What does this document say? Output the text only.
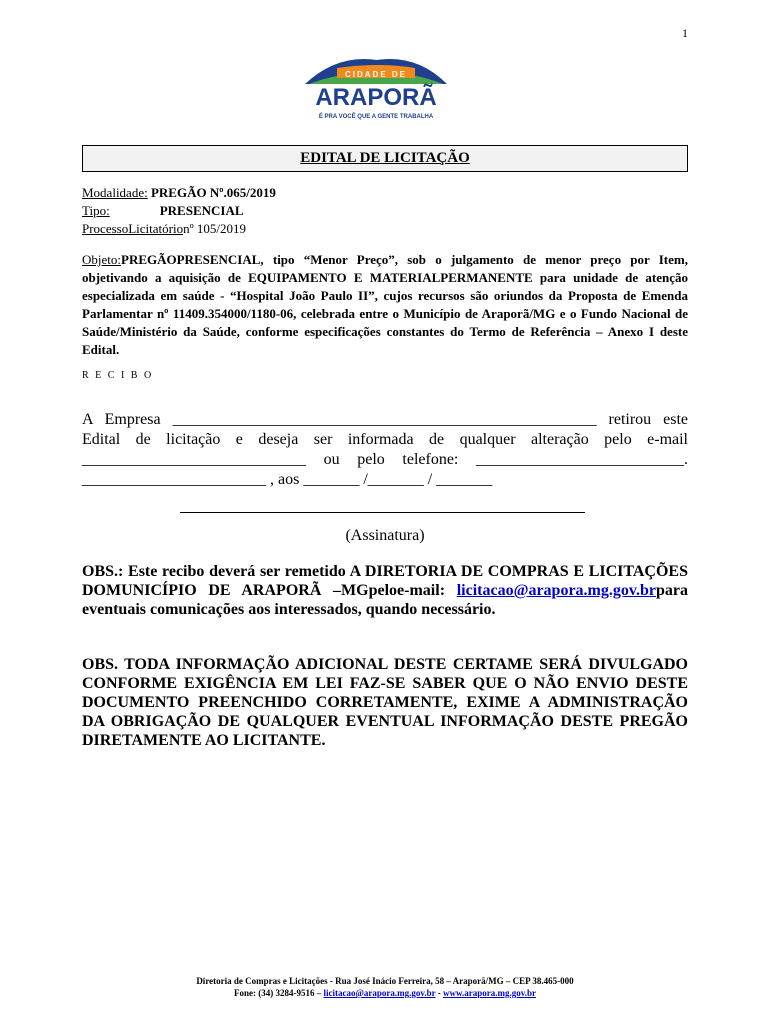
1
CIDADE DE
ARAPORÃ
É PRA VOCÊ QUE A GENTE TRABALHA
EDITAL DE LICITAÇÃO
Modalidade:
PREGÃO Nº.065/2019
Tipo:	PRESENCIAL
ProcessoLicitatório nº 105/2019
Objeto:PREGÃOPRESENCIAL, tipo “Menor Preço”, sob o julgamento de menor preço por Item, objetivando a aquisição de EQUIPAMENTO E MATERIALPERMANENTE para unidade de atenção especializada em saúde - “Hospital João Paulo II”, cujos recursos são oriundos da Proposta de Emenda Parlamentar nº 11409.354000/1180-06, celebrada entre o Município de Araporã/MG e o Fundo Nacional de Saúde/Ministério da Saúde, conforme especificações constantes do Termo de Referência – Anexo I deste Edital.
R E C I B O
A Empresa _____________________________________________________ retirou este Edital de licitação e deseja ser informada de qualquer alteração pelo e-mail ____________________________ ou pelo telefone: __________________________. _______________________ , aos _______ /_______ / _______
(Assinatura)
OBS.: Este recibo deverá ser remetido A DIRETORIA DE COMPRAS E LICITAÇÕES DOMUNICÍPIO DE ARAPORÃ –MGpeloe-mail: licitacao@arapora.mg.gov.brpara eventuais comunicações aos interessados, quando necessário.
OBS. TODA INFORMAÇÃO ADICIONAL DESTE CERTAME SERÁ DIVULGADO CONFORME EXIGÊNCIA EM LEI FAZ-SE SABER QUE O NÃO ENVIO DESTE DOCUMENTO PREENCHIDO CORRETAMENTE, EXIME A ADMINISTRAÇÃO DA OBRIGAÇÃO DE QUALQUER EVENTUAL INFORMAÇÃO DESTE PREGÃO DIRETAMENTE AO LICITANTE.
Diretoria de Compras e Licitações - Rua José Inácio Ferreira, 58 – Araporã/MG – CEP 38.465-000
Fone: (34) 3284-9516 – licitacao@arapora.mg.gov.br - www.arapora.mg.gov.br
